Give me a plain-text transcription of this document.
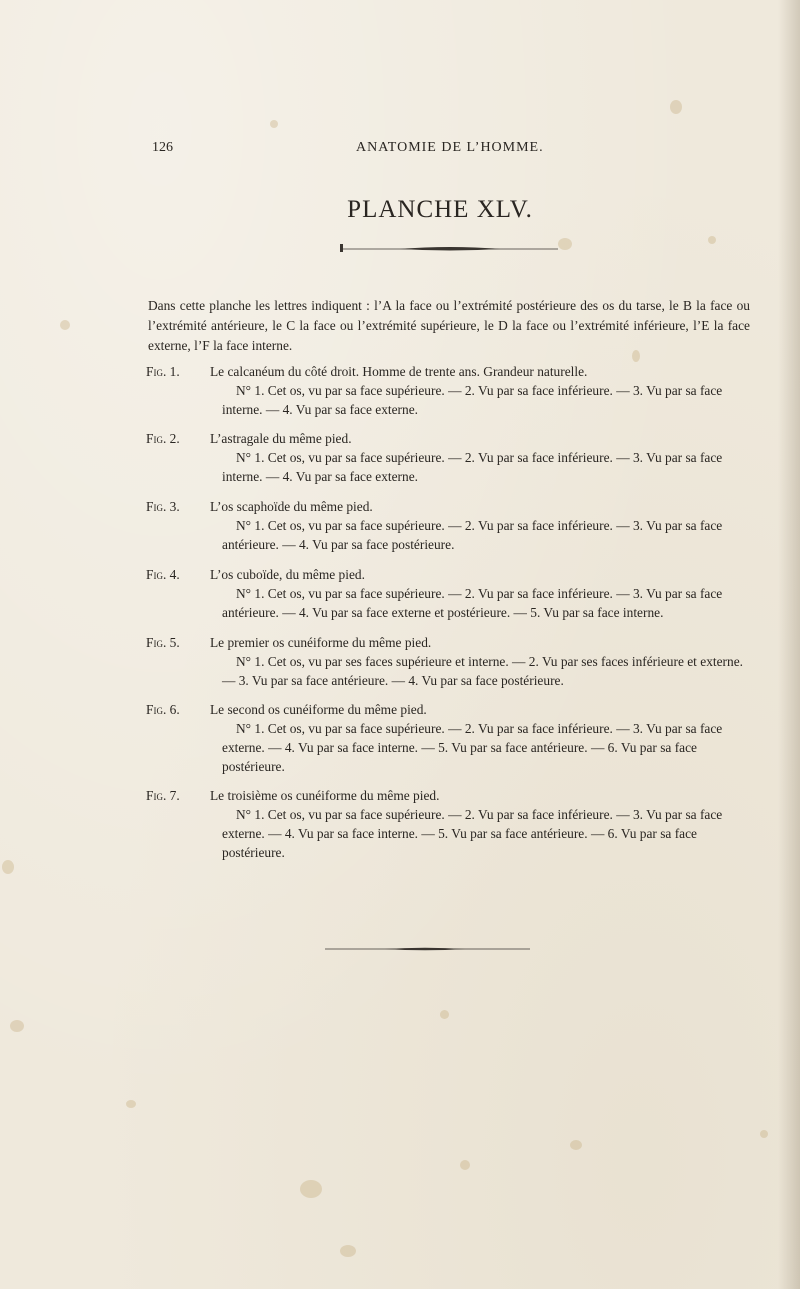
126	ANATOMIE DE L’HOMME.
PLANCHE XLV.
Dans cette planche les lettres indiquent : l’A la face ou l’extrémité postérieure des os du tarse, le B la face ou l’extrémité antérieure, le C la face ou l’extrémité supérieure, le D la face ou l’extrémité inférieure, l’E la face externe, l’F la face interne.
Fig. 1.	Le calcanéum du côté droit. Homme de trente ans. Grandeur naturelle.
N° 1. Cet os, vu par sa face supérieure. — 2. Vu par sa face inférieure. — 3. Vu par sa face interne. — 4. Vu par sa face externe.
Fig. 2.	L’astragale du même pied.
N° 1. Cet os, vu par sa face supérieure. — 2. Vu par sa face inférieure. — 3. Vu par sa face interne. — 4. Vu par sa face externe.
Fig. 3.	L’os scaphoïde du même pied.
N° 1. Cet os, vu par sa face supérieure. — 2. Vu par sa face inférieure. — 3. Vu par sa face antérieure. — 4. Vu par sa face postérieure.
Fig. 4.	L’os cuboïde, du même pied.
N° 1. Cet os, vu par sa face supérieure. — 2. Vu par sa face inférieure. — 3. Vu par sa face antérieure. — 4. Vu par sa face externe et postérieure. — 5. Vu par sa face interne.
Fig. 5.	Le premier os cunéiforme du même pied.
N° 1. Cet os, vu par ses faces supérieure et interne. — 2. Vu par ses faces inférieure et externe. — 3. Vu par sa face antérieure. — 4. Vu par sa face postérieure.
Fig. 6.	Le second os cunéiforme du même pied.
N° 1. Cet os, vu par sa face supérieure. — 2. Vu par sa face inférieure. — 3. Vu par sa face externe. — 4. Vu par sa face interne. — 5. Vu par sa face antérieure. — 6. Vu par sa face postérieure.
Fig. 7.	Le troisième os cunéiforme du même pied.
N° 1. Cet os, vu par sa face supérieure. — 2. Vu par sa face inférieure. — 3. Vu par sa face externe. — 4. Vu par sa face interne. — 5. Vu par sa face antérieure. — 6. Vu par sa face postérieure.
